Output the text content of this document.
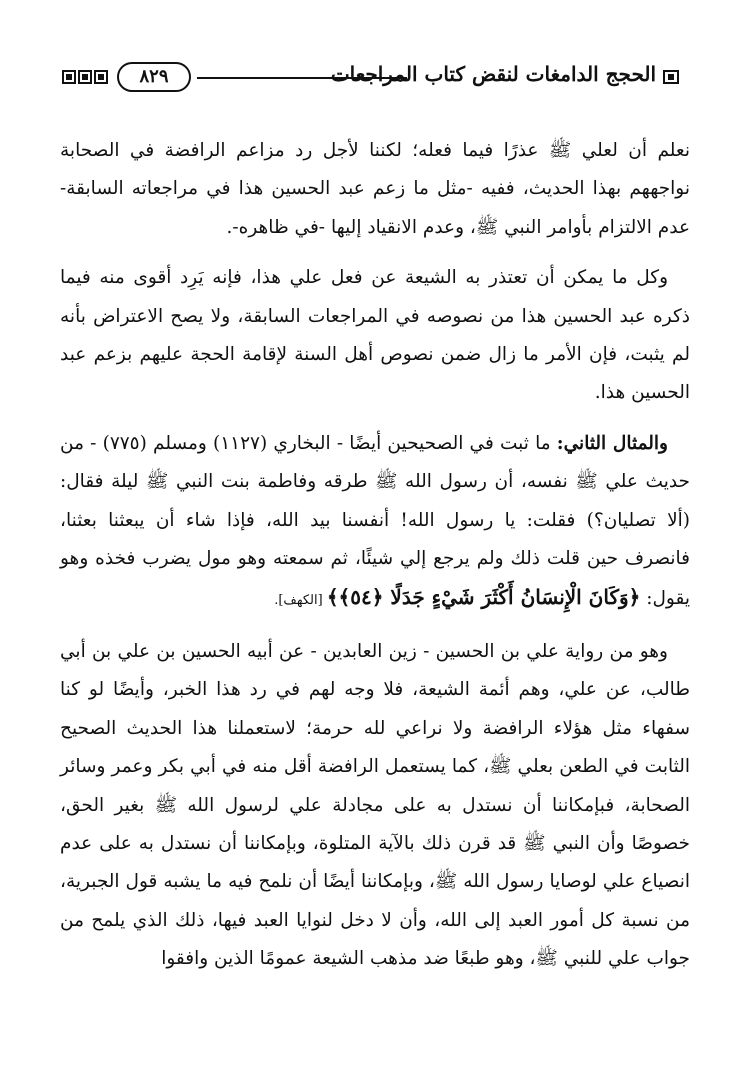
٨٢٩	الحجج الدامغات لنقض كتاب المراجعات

نعلم أن لعلي ﷺ عذرًا فيما فعله؛ لكننا لأجل رد مزاعم الرافضة في الصحابة نواجههم بهذا الحديث، ففيه -مثل ما زعم عبد الحسين هذا في مراجعاته السابقة- عدم الالتزام بأوامر النبي ﷺ، وعدم الانقياد إليها -في ظاهره-.

وكل ما يمكن أن تعتذر به الشيعة عن فعل علي هذا، فإنه يَرِد أقوى منه فيما ذكره عبد الحسين هذا من نصوصه في المراجعات السابقة، ولا يصح الاعتراض بأنه لم يثبت، فإن الأمر ما زال ضمن نصوص أهل السنة لإقامة الحجة عليهم بزعم عبد الحسين هذا.

والمثال الثاني: ما ثبت في الصحيحين أيضًا - البخاري (١١٢٧) ومسلم (٧٧٥) - من حديث علي ﷺ نفسه، أن رسول الله ﷺ طرقه وفاطمة بنت النبي ﷺ ليلة فقال: (ألا تصليان؟) فقلت: يا رسول الله! أنفسنا بيد الله، فإذا شاء أن يبعثنا بعثنا، فانصرف حين قلت ذلك ولم يرجع إلي شيئًا، ثم سمعته وهو مول يضرب فخذه وهو يقول: ﴿وَكَانَ الْإِنسَانُ أَكْثَرَ شَيْءٍ جَدَلًا ﴿٥٤﴾﴾ [الكهف].

وهو من رواية علي بن الحسين - زين العابدين - عن أبيه الحسين بن علي بن أبي طالب، عن علي، وهم أئمة الشيعة، فلا وجه لهم في رد هذا الخبر، وأيضًا لو كنا سفهاء مثل هؤلاء الرافضة ولا نراعي لله حرمة؛ لاستعملنا هذا الحديث الصحيح الثابت في الطعن بعلي ﷺ، كما يستعمل الرافضة أقل منه في أبي بكر وعمر وسائر الصحابة، فبإمكاننا أن نستدل به على مجادلة علي لرسول الله ﷺ بغير الحق، خصوصًا وأن النبي ﷺ قد قرن ذلك بالآية المتلوة، وبإمكاننا أن نستدل به على عدم انصياع علي لوصايا رسول الله ﷺ، وبإمكاننا أيضًا أن نلمح فيه ما يشبه قول الجبرية، من نسبة كل أمور العبد إلى الله، وأن لا دخل لنوايا العبد فيها، ذلك الذي يلمح من جواب علي للنبي ﷺ، وهو طبعًا ضد مذهب الشيعة عمومًا الذين وافقوا
